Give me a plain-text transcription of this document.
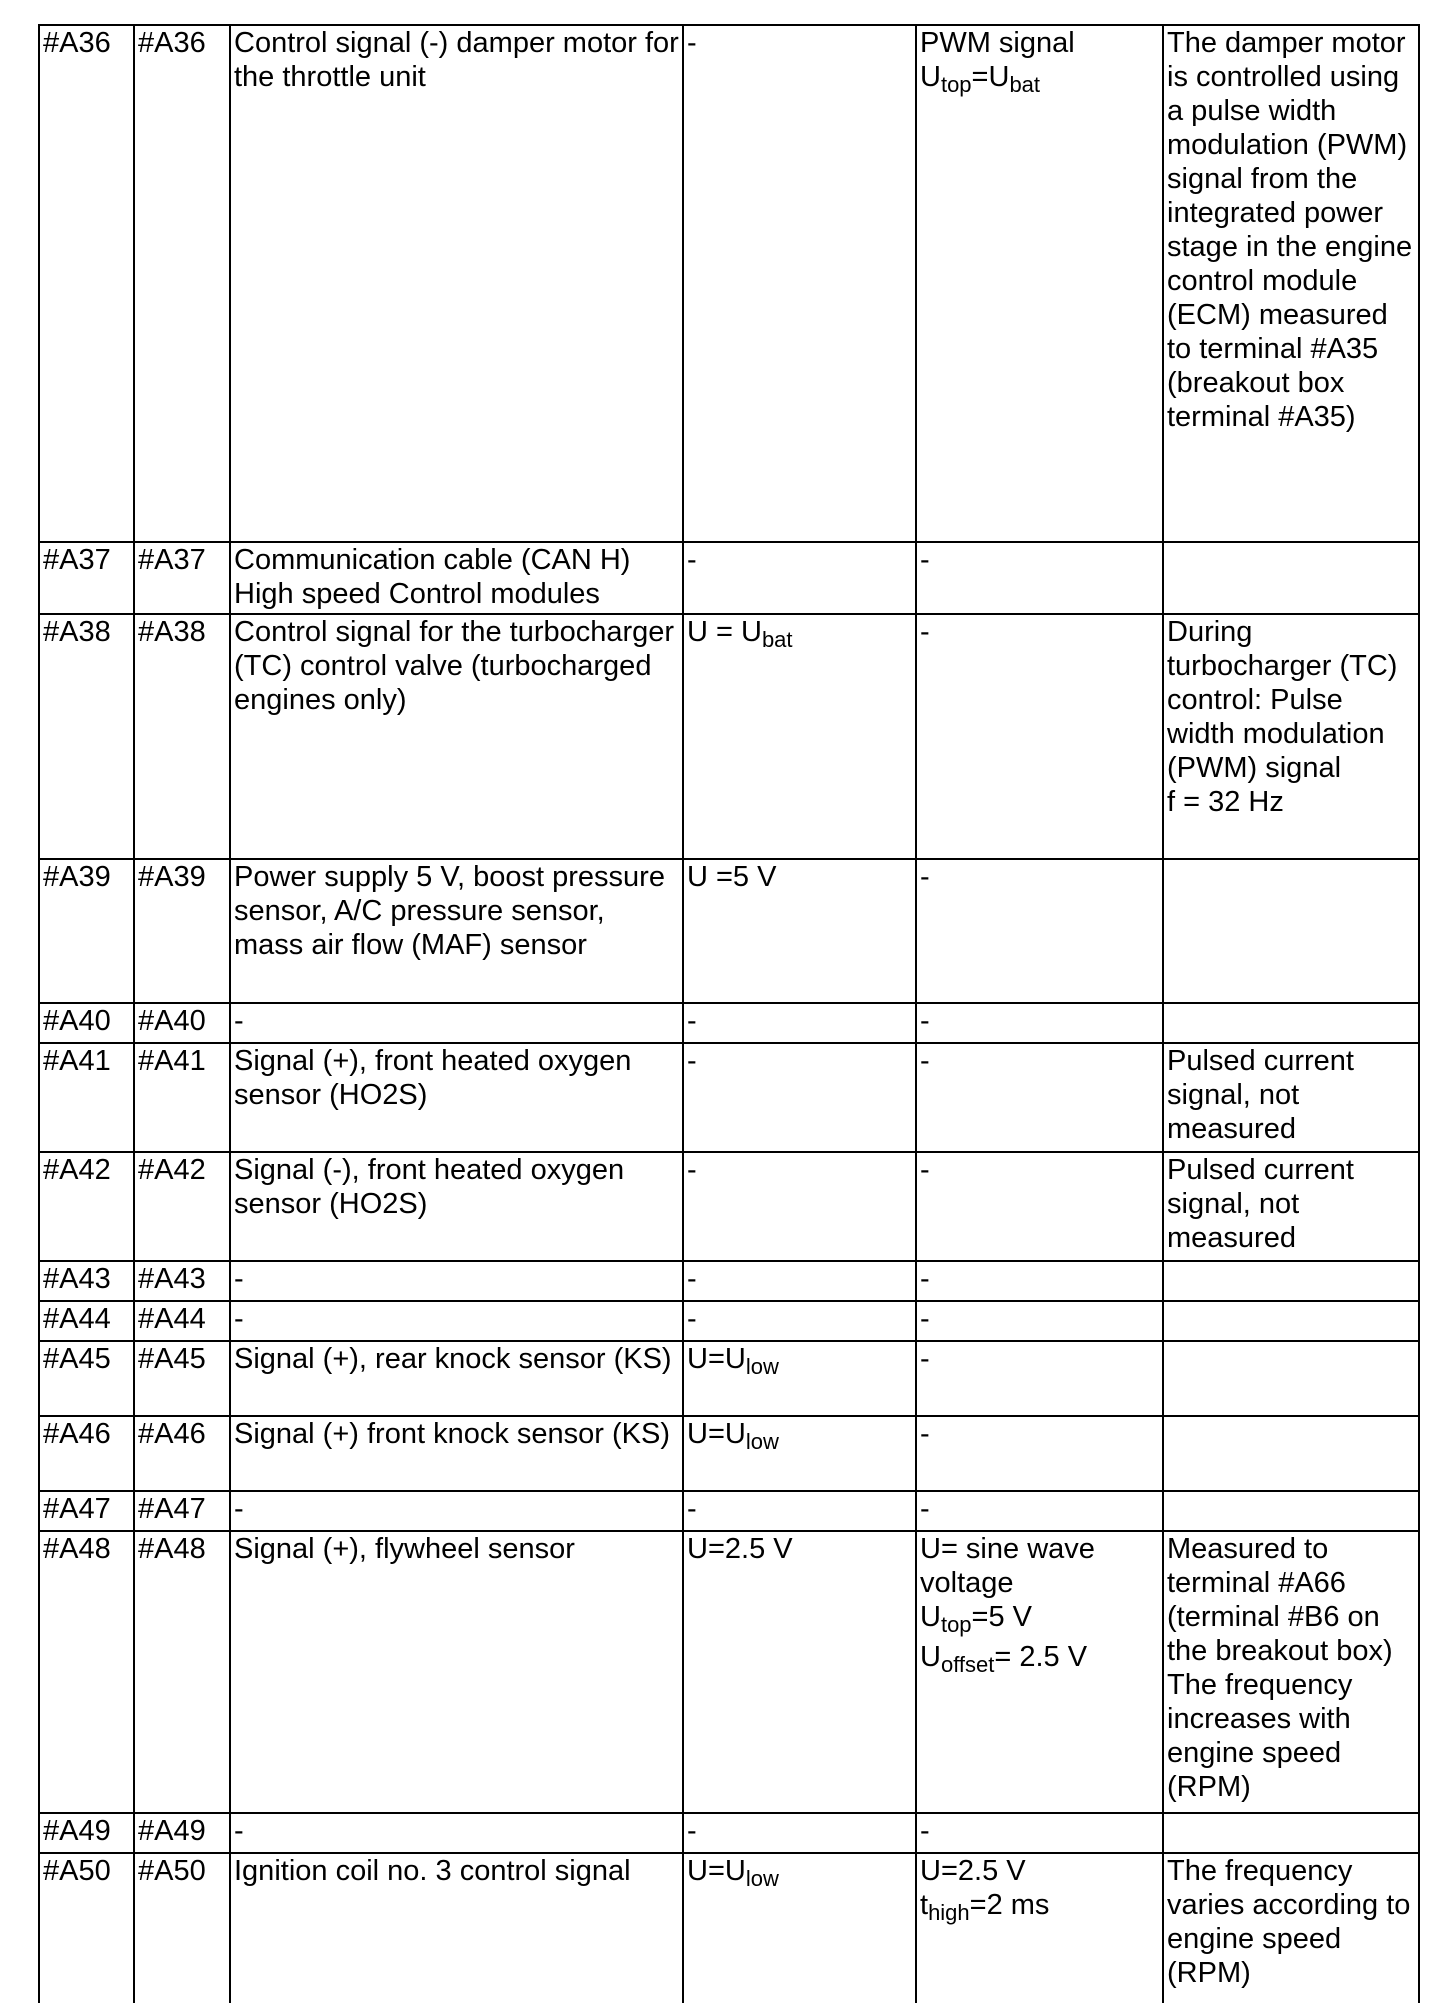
#A36	#A36	Control signal (-) damper motor for the throttle unit	-	PWM signal
$U_{top}=U_{bat}$	The damper motor is controlled using a pulse width modulation (PWM) signal from the integrated power stage in the engine control module (ECM) measured to terminal #A35 (breakout box terminal #A35)

#A37	#A37	Communication cable (CAN H) High speed Control modules	-	-	

#A38	#A38	Control signal for the turbocharger (TC) control valve (turbocharged engines only)	$U = U_{bat}$	-	During turbocharger (TC) control: Pulse width modulation (PWM) signal
f = 32 Hz

#A39	#A39	Power supply 5 V, boost pressure sensor, A/C pressure sensor, mass air flow (MAF) sensor	U =5 V	-	

#A40	#A40	-	-	-	

#A41	#A41	Signal (+), front heated oxygen sensor (HO2S)	-	-	Pulsed current signal, not measured

#A42	#A42	Signal (-), front heated oxygen sensor (HO2S)	-	-	Pulsed current signal, not measured

#A43	#A43	-	-	-	

#A44	#A44	-	-	-	

#A45	#A45	Signal (+), rear knock sensor (KS)	$U=U_{low}$	-	

#A46	#A46	Signal (+) front knock sensor (KS)	$U=U_{low}$	-	

#A47	#A47	-	-	-	

#A48	#A48	Signal (+), flywheel sensor	U=2.5 V	U= sine wave voltage
$U_{top}=5$ V
$U_{offset}= 2.5$ V	Measured to terminal #A66 (terminal #B6 on the breakout box) The frequency increases with engine speed (RPM)

#A49	#A49	-	-	-	

#A50	#A50	Ignition coil no. 3 control signal	$U=U_{low}$	U=2.5 V
$t_{high}=2$ ms	The frequency varies according to engine speed (RPM)
